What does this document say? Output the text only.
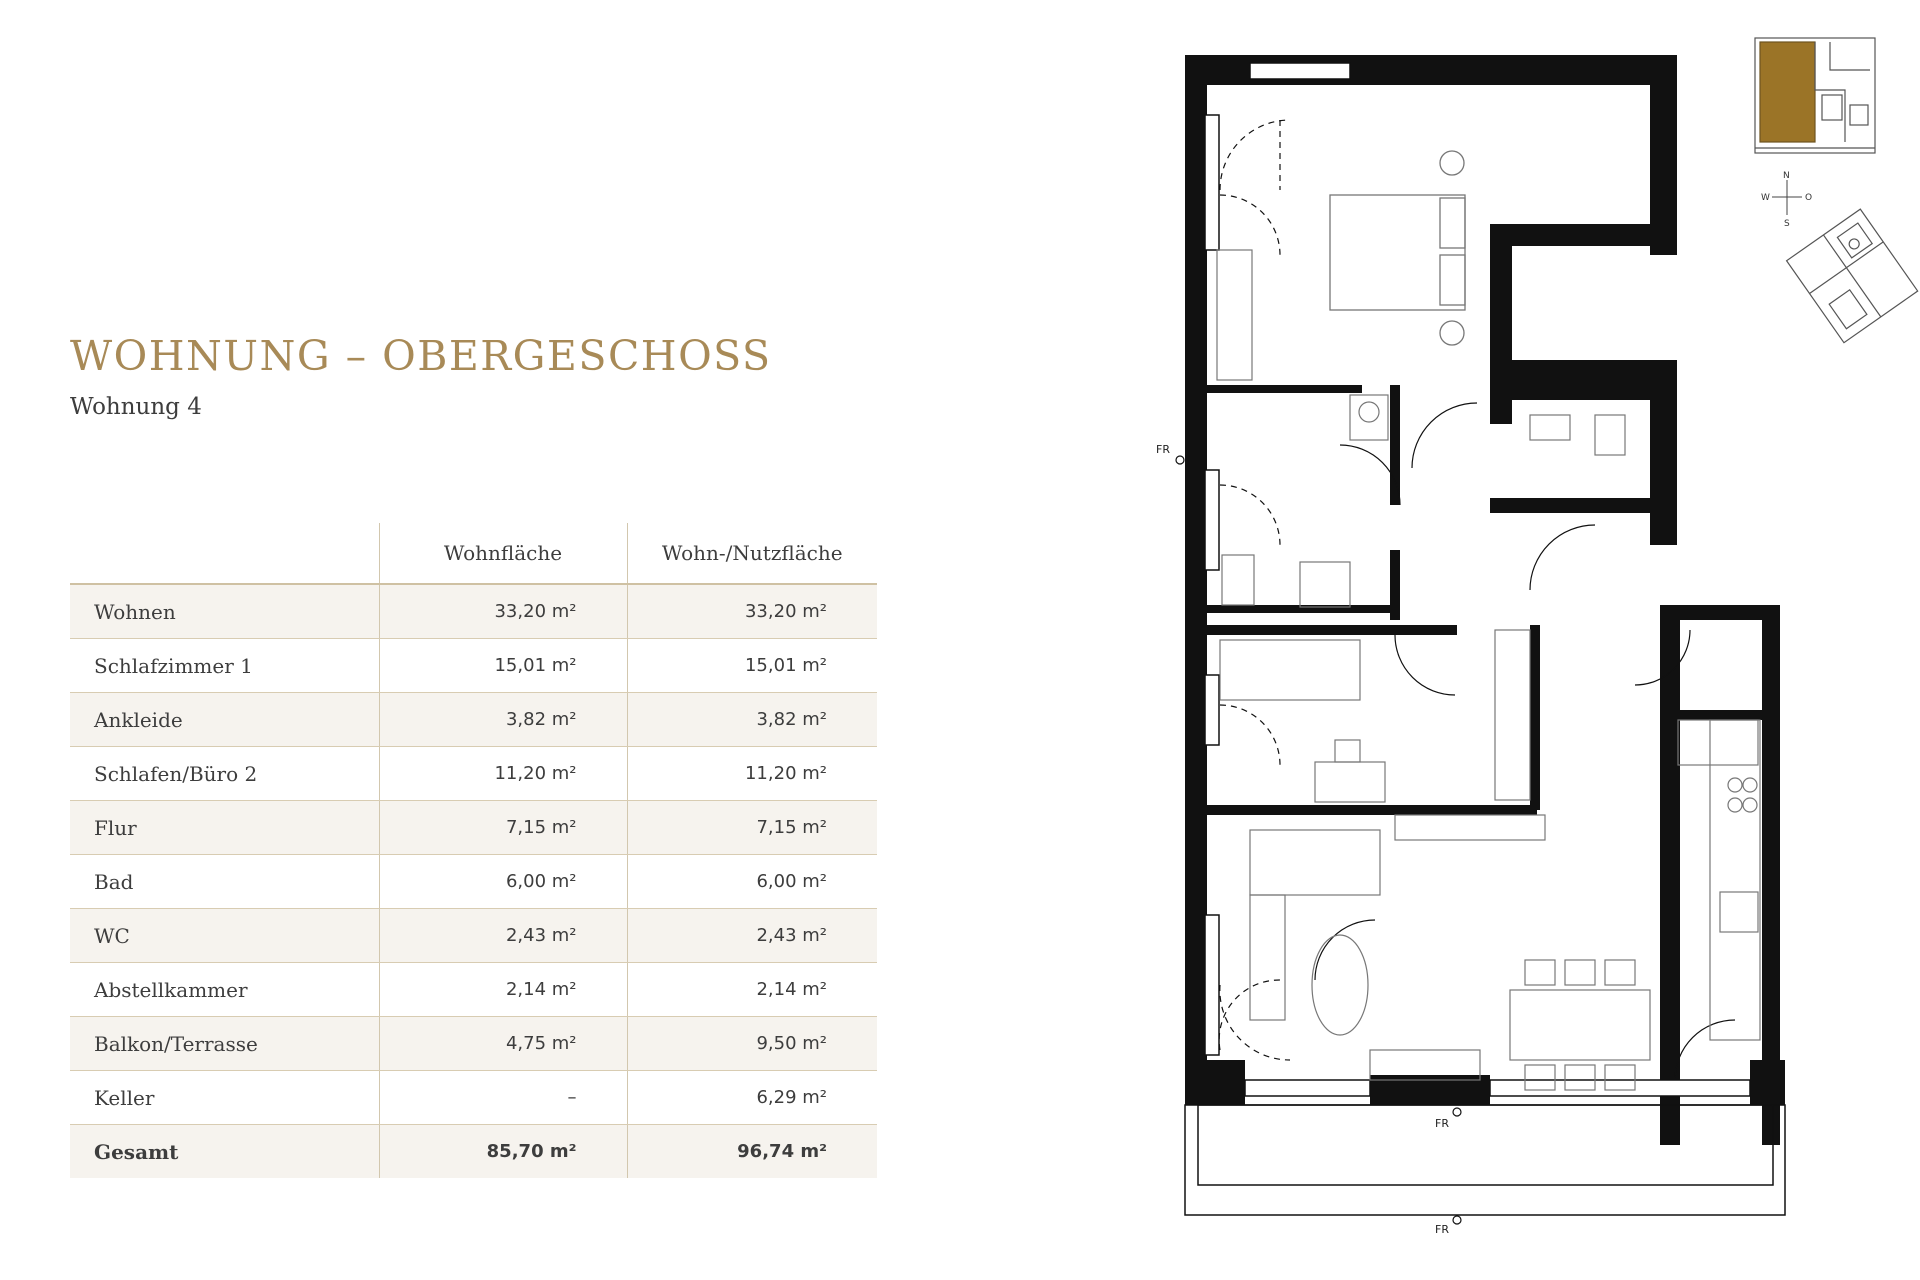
WOHNUNG – OBERGESCHOSS
Wohnung 4
	Wohnfläche	Wohn-/Nutzfläche
Wohnen	33,20 m²	33,20 m²
Schlafzimmer 1	15,01 m²	15,01 m²
Ankleide	3,82 m²	3,82 m²
Schlafen/Büro 2	11,20 m²	11,20 m²
Flur	7,15 m²	7,15 m²
Bad	6,00 m²	6,00 m²
WC	2,43 m²	2,43 m²
Abstellkammer	2,14 m²	2,14 m²
Balkon/Terrasse	4,75 m²	9,50 m²
Keller	–	6,29 m²
Gesamt	85,70 m²	96,74 m²
FR
FR
FR
N
W	O
S
